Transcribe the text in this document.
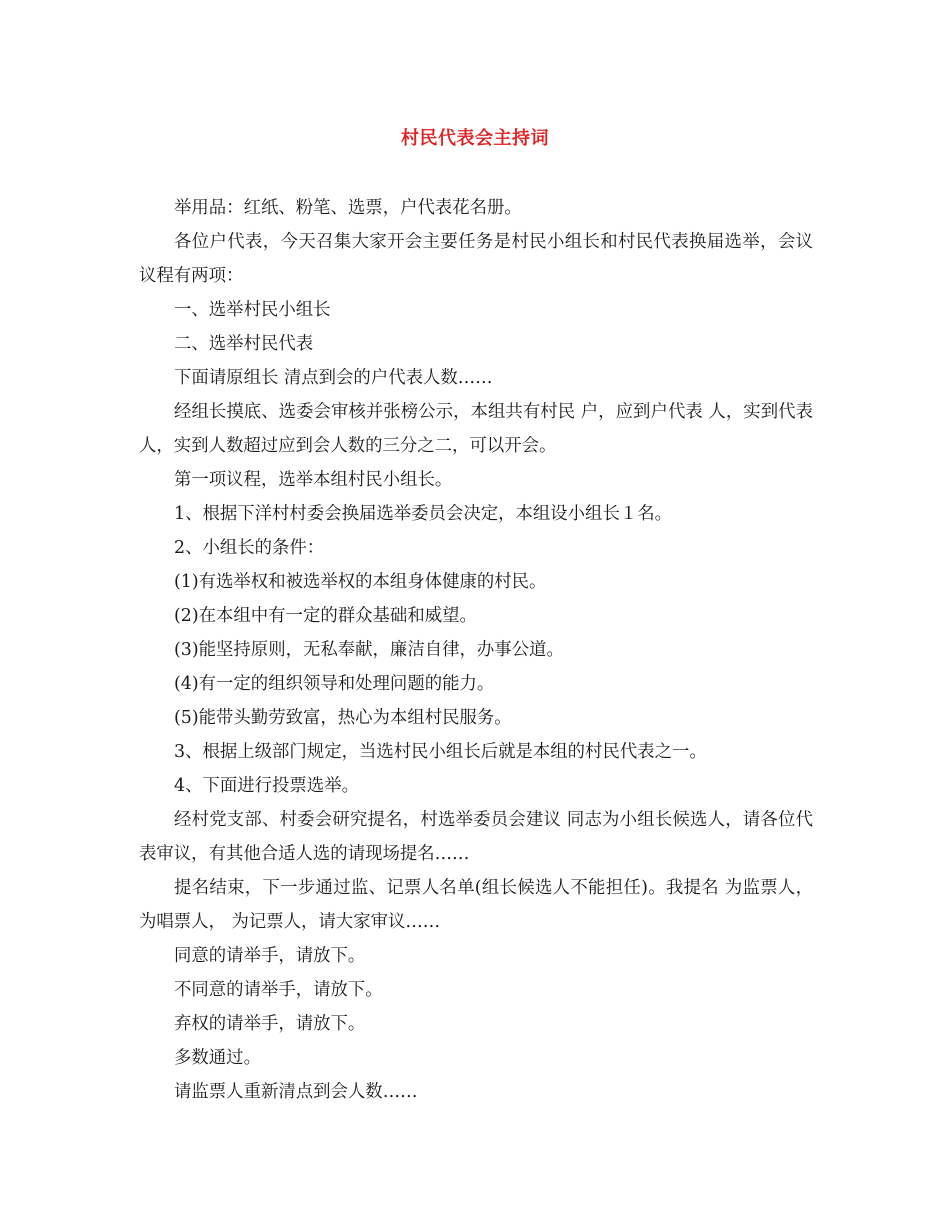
村民代表会主持词

举用品：红纸、粉笔、选票，户代表花名册。

各位户代表，今天召集大家开会主要任务是村民小组长和村民代表换届选举，会议议程有两项：

一、选举村民小组长

二、选举村民代表

下面请原组长 清点到会的户代表人数……

经组长摸底、选委会审核并张榜公示，本组共有村民 户，应到户代表 人，实到代表 人，实到人数超过应到会人数的三分之二，可以开会。

第一项议程，选举本组村民小组长。

1、根据下洋村村委会换届选举委员会决定，本组设小组长１名。

2、小组长的条件：

(1)有选举权和被选举权的本组身体健康的村民。

(2)在本组中有一定的群众基础和威望。

(3)能坚持原则，无私奉献，廉洁自律，办事公道。

(4)有一定的组织领导和处理问题的能力。

(5)能带头勤劳致富，热心为本组村民服务。

3、根据上级部门规定，当选村民小组长后就是本组的村民代表之一。

4、下面进行投票选举。

经村党支部、村委会研究提名，村选举委员会建议 同志为小组长候选人，请各位代表审议，有其他合适人选的请现场提名……

提名结束，下一步通过监、记票人名单(组长候选人不能担任)。我提名 为监票人， 为唱票人， 为记票人，请大家审议……

同意的请举手，请放下。

不同意的请举手，请放下。

弃权的请举手，请放下。

多数通过。

请监票人重新清点到会人数……
